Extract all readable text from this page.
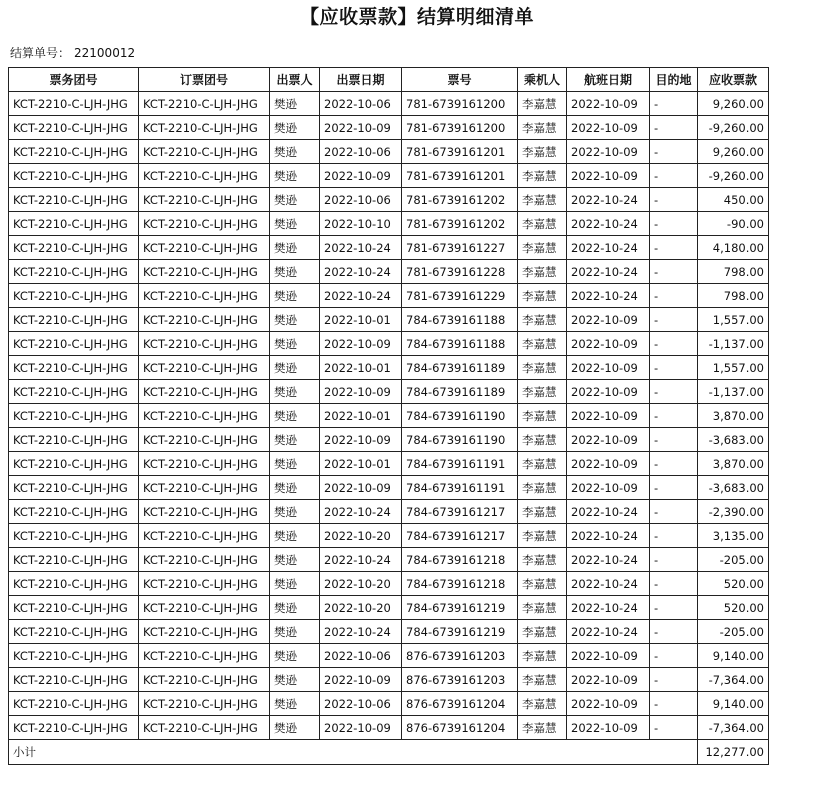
【应收票款】结算明细清单
结算单号： 22100012
票务团号	订票团号	出票人	出票日期	票号	乘机人	航班日期	目的地	应收票款
KCT-2210-C-LJH-JHG	KCT-2210-C-LJH-JHG	樊逊	2022-10-06	781-6739161200	李嘉慧	2022-10-09	-	9,260.00
KCT-2210-C-LJH-JHG	KCT-2210-C-LJH-JHG	樊逊	2022-10-09	781-6739161200	李嘉慧	2022-10-09	-	-9,260.00
KCT-2210-C-LJH-JHG	KCT-2210-C-LJH-JHG	樊逊	2022-10-06	781-6739161201	李嘉慧	2022-10-09	-	9,260.00
KCT-2210-C-LJH-JHG	KCT-2210-C-LJH-JHG	樊逊	2022-10-09	781-6739161201	李嘉慧	2022-10-09	-	-9,260.00
KCT-2210-C-LJH-JHG	KCT-2210-C-LJH-JHG	樊逊	2022-10-06	781-6739161202	李嘉慧	2022-10-24	-	450.00
KCT-2210-C-LJH-JHG	KCT-2210-C-LJH-JHG	樊逊	2022-10-10	781-6739161202	李嘉慧	2022-10-24	-	-90.00
KCT-2210-C-LJH-JHG	KCT-2210-C-LJH-JHG	樊逊	2022-10-24	781-6739161227	李嘉慧	2022-10-24	-	4,180.00
KCT-2210-C-LJH-JHG	KCT-2210-C-LJH-JHG	樊逊	2022-10-24	781-6739161228	李嘉慧	2022-10-24	-	798.00
KCT-2210-C-LJH-JHG	KCT-2210-C-LJH-JHG	樊逊	2022-10-24	781-6739161229	李嘉慧	2022-10-24	-	798.00
KCT-2210-C-LJH-JHG	KCT-2210-C-LJH-JHG	樊逊	2022-10-01	784-6739161188	李嘉慧	2022-10-09	-	1,557.00
KCT-2210-C-LJH-JHG	KCT-2210-C-LJH-JHG	樊逊	2022-10-09	784-6739161188	李嘉慧	2022-10-09	-	-1,137.00
KCT-2210-C-LJH-JHG	KCT-2210-C-LJH-JHG	樊逊	2022-10-01	784-6739161189	李嘉慧	2022-10-09	-	1,557.00
KCT-2210-C-LJH-JHG	KCT-2210-C-LJH-JHG	樊逊	2022-10-09	784-6739161189	李嘉慧	2022-10-09	-	-1,137.00
KCT-2210-C-LJH-JHG	KCT-2210-C-LJH-JHG	樊逊	2022-10-01	784-6739161190	李嘉慧	2022-10-09	-	3,870.00
KCT-2210-C-LJH-JHG	KCT-2210-C-LJH-JHG	樊逊	2022-10-09	784-6739161190	李嘉慧	2022-10-09	-	-3,683.00
KCT-2210-C-LJH-JHG	KCT-2210-C-LJH-JHG	樊逊	2022-10-01	784-6739161191	李嘉慧	2022-10-09	-	3,870.00
KCT-2210-C-LJH-JHG	KCT-2210-C-LJH-JHG	樊逊	2022-10-09	784-6739161191	李嘉慧	2022-10-09	-	-3,683.00
KCT-2210-C-LJH-JHG	KCT-2210-C-LJH-JHG	樊逊	2022-10-24	784-6739161217	李嘉慧	2022-10-24	-	-2,390.00
KCT-2210-C-LJH-JHG	KCT-2210-C-LJH-JHG	樊逊	2022-10-20	784-6739161217	李嘉慧	2022-10-24	-	3,135.00
KCT-2210-C-LJH-JHG	KCT-2210-C-LJH-JHG	樊逊	2022-10-24	784-6739161218	李嘉慧	2022-10-24	-	-205.00
KCT-2210-C-LJH-JHG	KCT-2210-C-LJH-JHG	樊逊	2022-10-20	784-6739161218	李嘉慧	2022-10-24	-	520.00
KCT-2210-C-LJH-JHG	KCT-2210-C-LJH-JHG	樊逊	2022-10-20	784-6739161219	李嘉慧	2022-10-24	-	520.00
KCT-2210-C-LJH-JHG	KCT-2210-C-LJH-JHG	樊逊	2022-10-24	784-6739161219	李嘉慧	2022-10-24	-	-205.00
KCT-2210-C-LJH-JHG	KCT-2210-C-LJH-JHG	樊逊	2022-10-06	876-6739161203	李嘉慧	2022-10-09	-	9,140.00
KCT-2210-C-LJH-JHG	KCT-2210-C-LJH-JHG	樊逊	2022-10-09	876-6739161203	李嘉慧	2022-10-09	-	-7,364.00
KCT-2210-C-LJH-JHG	KCT-2210-C-LJH-JHG	樊逊	2022-10-06	876-6739161204	李嘉慧	2022-10-09	-	9,140.00
KCT-2210-C-LJH-JHG	KCT-2210-C-LJH-JHG	樊逊	2022-10-09	876-6739161204	李嘉慧	2022-10-09	-	-7,364.00
小计								12,277.00
